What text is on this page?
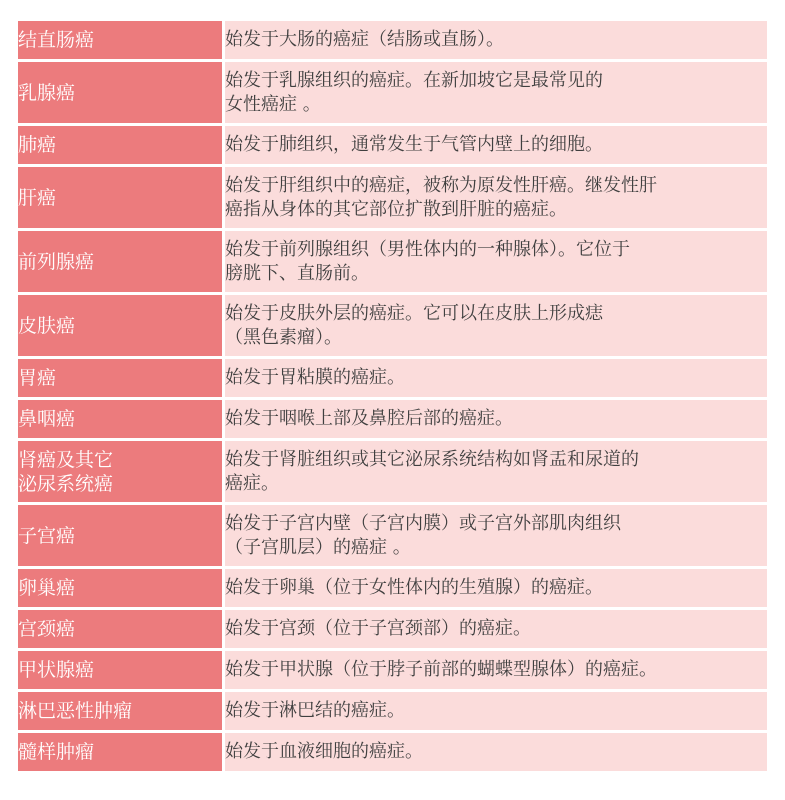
结直肠癌	始发于大肠的癌症（结肠或直肠）。
乳腺癌	始发于乳腺组织的癌症。在新加坡它是最常见的
女性癌症 。
肺癌	始发于肺组织，通常发生于气管内壁上的细胞。
肝癌	始发于肝组织中的癌症，被称为原发性肝癌。继发性肝
癌指从身体的其它部位扩散到肝脏的癌症。
前列腺癌	始发于前列腺组织（男性体内的一种腺体）。它位于
膀胱下、直肠前。
皮肤癌	始发于皮肤外层的癌症。它可以在皮肤上形成痣
（黑色素瘤）。
胃癌	始发于胃粘膜的癌症。
鼻咽癌	始发于咽喉上部及鼻腔后部的癌症。
肾癌及其它
泌尿系统癌	始发于肾脏组织或其它泌尿系统结构如肾盂和尿道的
癌症。
子宫癌	始发于子宫内壁（子宫内膜）或子宫外部肌肉组织
（子宫肌层）的癌症 。
卵巢癌	始发于卵巢（位于女性体内的生殖腺）的癌症。
宫颈癌	始发于宫颈（位于子宫颈部）的癌症。
甲状腺癌	始发于甲状腺（位于脖子前部的蝴蝶型腺体）的癌症。
淋巴恶性肿瘤	始发于淋巴结的癌症。
髓样肿瘤	始发于血液细胞的癌症。
bicheng.news
